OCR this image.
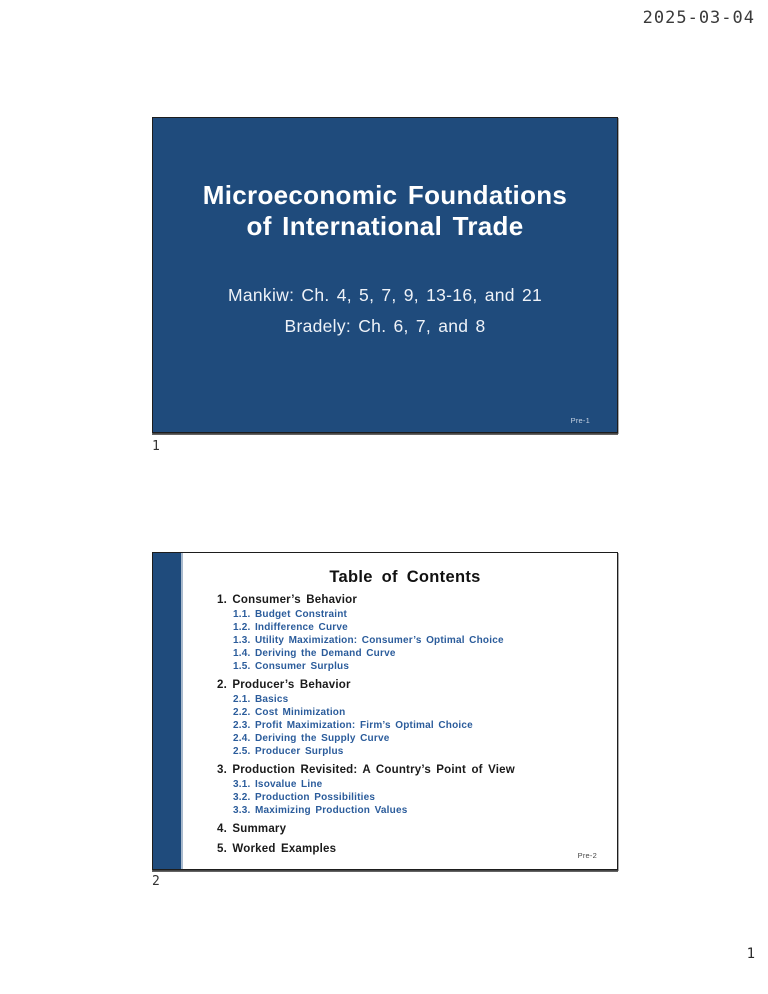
2025-03-04
Microeconomic Foundations
of International Trade
Mankiw: Ch. 4, 5, 7, 9, 13-16, and 21
Bradely: Ch. 6, 7, and 8
Pre-1
1
Table of Contents
1. Consumer’s Behavior
1.1. Budget Constraint
1.2. Indifference Curve
1.3. Utility Maximization: Consumer’s Optimal Choice
1.4. Deriving the Demand Curve
1.5. Consumer Surplus
2. Producer’s Behavior
2.1. Basics
2.2. Cost Minimization
2.3. Profit Maximization: Firm’s Optimal Choice
2.4. Deriving the Supply Curve
2.5. Producer Surplus
3. Production Revisited: A Country’s Point of View
3.1. Isovalue Line
3.2. Production Possibilities
3.3. Maximizing Production Values
4. Summary
5. Worked Examples
Pre-2
2
1
